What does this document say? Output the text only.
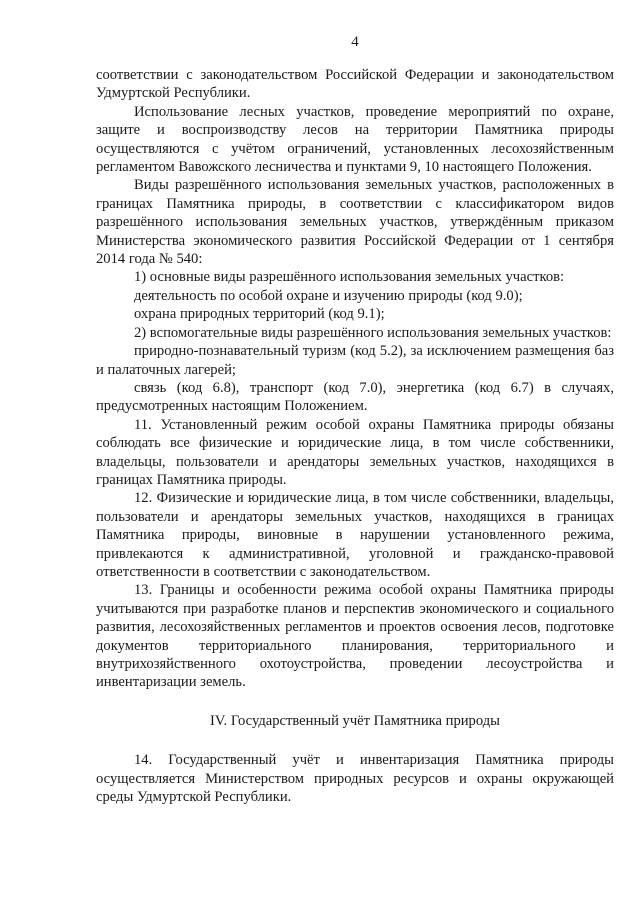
4

соответствии с законодательством Российской Федерации и законодательством Удмуртской Республики.

Использование лесных участков, проведение мероприятий по охране, защите и воспроизводству лесов на территории Памятника природы осуществляются с учётом ограничений, установленных лесохозяйственным регламентом Вавожского лесничества и пунктами 9, 10 настоящего Положения.

Виды разрешённого использования земельных участков, расположенных в границах Памятника природы, в соответствии с классификатором видов разрешённого использования земельных участков, утверждённым приказом Министерства экономического развития Российской Федерации от 1 сентября 2014 года № 540:

1) основные виды разрешённого использования земельных участков:

деятельность по особой охране и изучению природы (код 9.0);

охрана природных территорий (код 9.1);

2) вспомогательные виды разрешённого использования земельных участков:

природно-познавательный туризм (код 5.2), за исключением размещения баз и палаточных лагерей;

связь (код 6.8), транспорт (код 7.0), энергетика (код 6.7) в случаях, предусмотренных настоящим Положением.

11. Установленный режим особой охраны Памятника природы обязаны соблюдать все физические и юридические лица, в том числе собственники, владельцы, пользователи и арендаторы земельных участков, находящихся в границах Памятника природы.

12. Физические и юридические лица, в том числе собственники, владельцы, пользователи и арендаторы земельных участков, находящихся в границах Памятника природы, виновные в нарушении установленного режима, привлекаются к административной, уголовной и гражданско-правовой ответственности в соответствии с законодательством.

13. Границы и особенности режима особой охраны Памятника природы учитываются при разработке планов и перспектив экономического и социального развития, лесохозяйственных регламентов и проектов освоения лесов, подготовке документов территориального планирования, территориального и внутрихозяйственного охотоустройства, проведении лесоустройства и инвентаризации земель.

IV. Государственный учёт Памятника природы

14. Государственный учёт и инвентаризация Памятника природы осуществляется Министерством природных ресурсов и охраны окружающей среды Удмуртской Республики.
